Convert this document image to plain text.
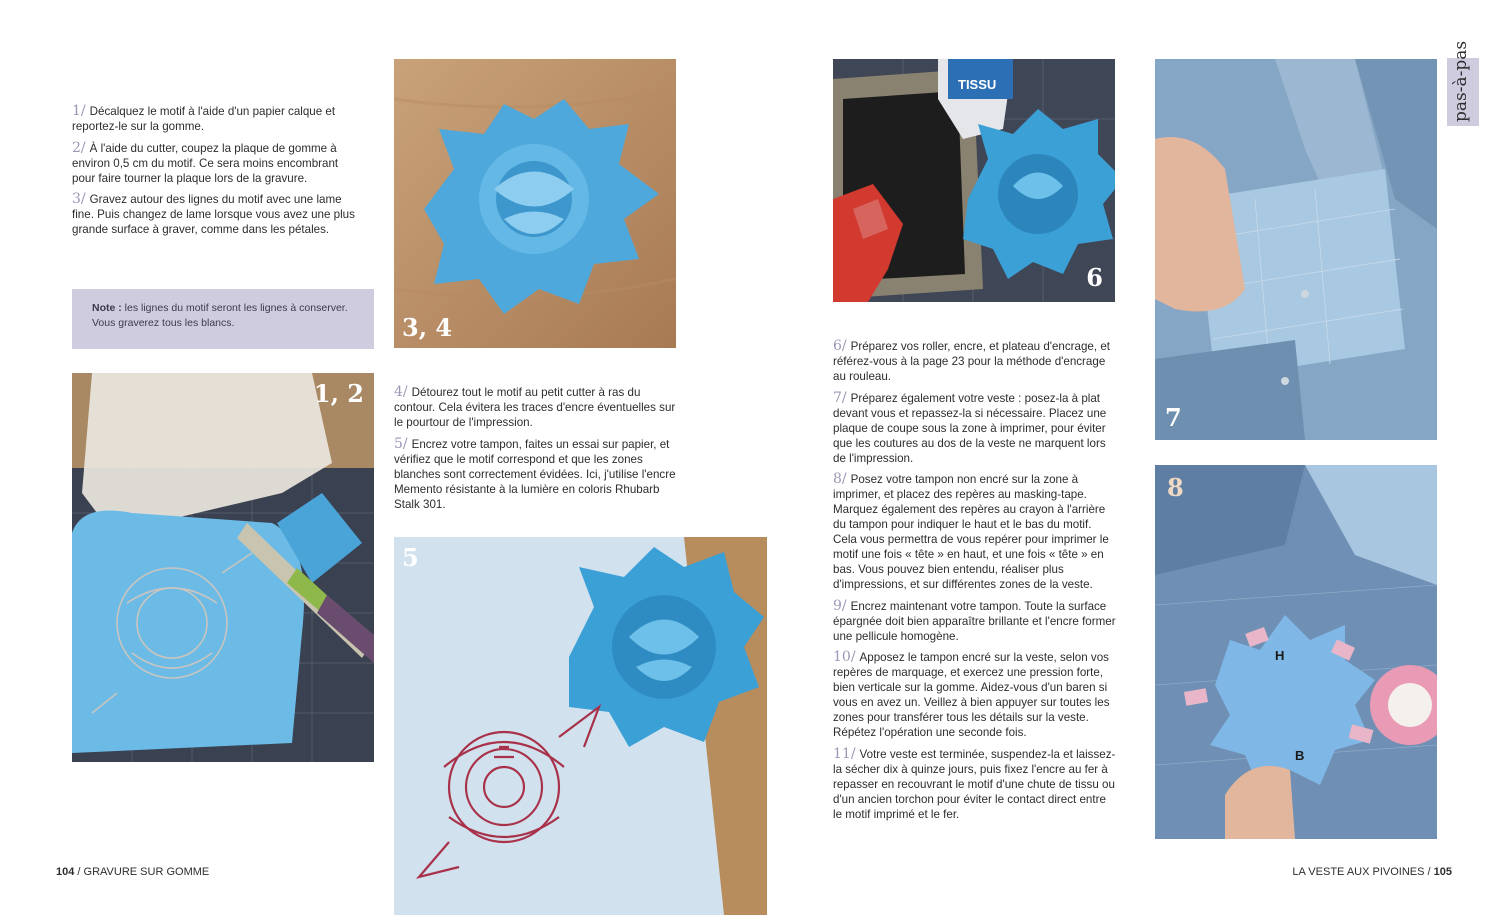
1/ Décalquez le motif à l'aide d'un papier calque et reportez-le sur la gomme.

2/ À l'aide du cutter, coupez la plaque de gomme à environ 0,5 cm du motif. Ce sera moins encombrant pour faire tourner la plaque lors de la gravure.

3/ Gravez autour des lignes du motif avec une lame fine. Puis changez de lame lorsque vous avez une plus grande surface à graver, comme dans les pétales.

Note : les lignes du motif seront les lignes à conserver. Vous graverez tous les blancs.

4/ Détourez tout le motif au petit cutter à ras du contour. Cela évitera les traces d'encre éventuelles sur le pourtour de l'impression.

5/ Encrez votre tampon, faites un essai sur papier, et vérifiez que le motif correspond et que les zones blanches sont correctement évidées. Ici, j'utilise l'encre Memento résistante à la lumière en coloris Rhubarb Stalk 301.

3, 4
1, 2
5
104 / GRAVURE SUR GOMME
TISSU
6

6/ Préparez vos roller, encre, et plateau d'encrage, et référez-vous à la page 23 pour la méthode d'encrage au rouleau.

7/ Préparez également votre veste : posez-la à plat devant vous et repassez-la si nécessaire. Placez une plaque de coupe sous la zone à imprimer, pour éviter que les coutures au dos de la veste ne marquent lors de l'impression.

8/ Posez votre tampon non encré sur la zone à imprimer, et placez des repères au masking-tape. Marquez également des repères au crayon à l'arrière du tampon pour indiquer le haut et le bas du motif. Cela vous permettra de vous repérer pour imprimer le motif une fois « tête » en haut, et une fois « tête » en bas. Vous pouvez bien entendu, réaliser plus d'impressions, et sur différentes zones de la veste.

9/ Encrez maintenant votre tampon. Toute la surface épargnée doit bien apparaître brillante et l'encre former une pellicule homogène.

10/ Apposez le tampon encré sur la veste, selon vos repères de marquage, et exercez une pression forte, bien verticale sur la gomme. Aidez-vous d'un baren si vous en avez un. Veillez à bien appuyer sur toutes les zones pour transférer tous les détails sur la veste. Répétez l'opération une seconde fois.

11/ Votre veste est terminée, suspendez-la et laissez-la sécher dix à quinze jours, puis fixez l'encre au fer à repasser en recouvrant le motif d'une chute de tissu ou d'un ancien torchon pour éviter le contact direct entre le motif imprimé et le fer.

7
H
B
8
pas-à-pas
LA VESTE AUX PIVOINES / 105
